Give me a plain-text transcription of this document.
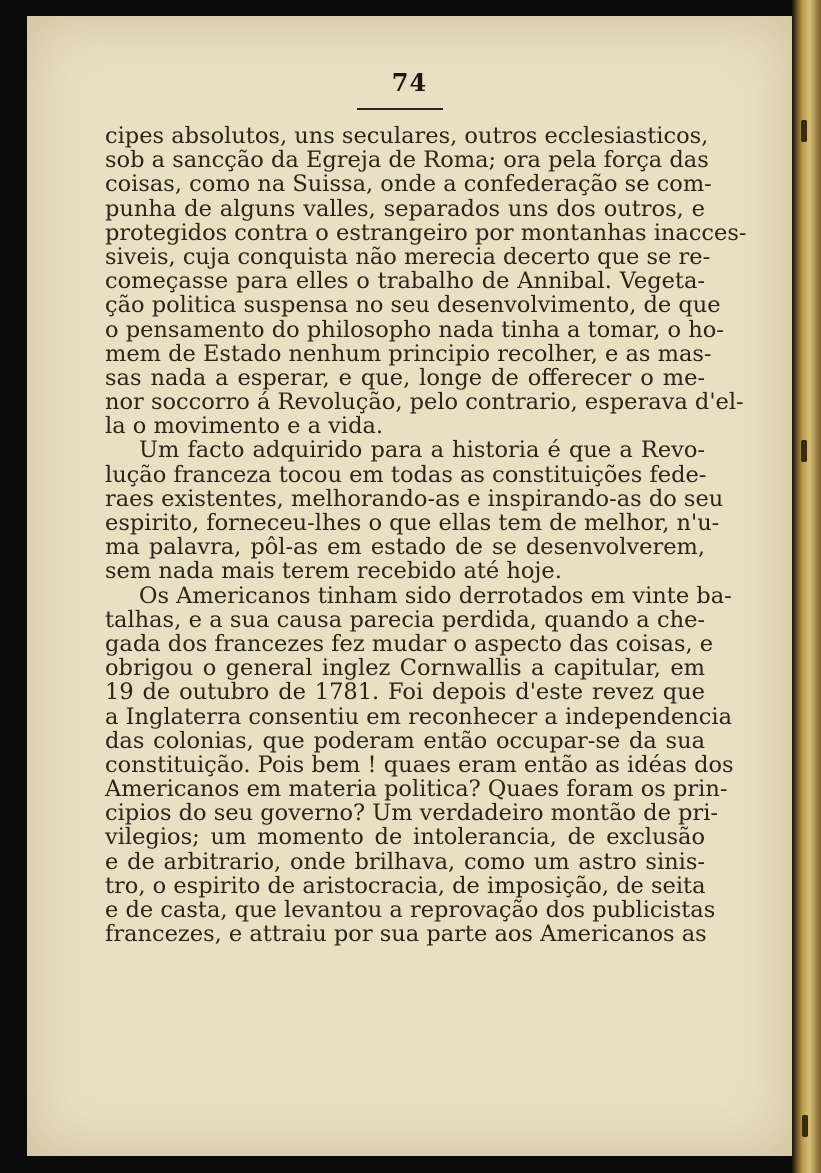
74
cipes absolutos, uns seculares, outros ecclesiasticos,
sob a sancção da Egreja de Roma; ora pela força das
coisas, como na Suissa, onde a confederação se com-
punha de alguns valles, separados uns dos outros, e
protegidos contra o estrangeiro por montanhas inacces-
siveis, cuja conquista não merecia decerto que se re-
começasse para elles o trabalho de Annibal. Vegeta-
ção politica suspensa no seu desenvolvimento, de que
o pensamento do philosopho nada tinha a tomar, o ho-
mem de Estado nenhum principio recolher, e as mas-
sas nada a esperar, e que, longe de offerecer o me-
nor soccorro á Revolução, pelo contrario, esperava d'el-
la o movimento e a vida.
Um facto adquirido para a historia é que a Revo-
lução franceza tocou em todas as constituições fede-
raes existentes, melhorando-as e inspirando-as do seu
espirito, forneceu-lhes o que ellas tem de melhor, n'u-
ma palavra, pôl-as em estado de se desenvolverem,
sem nada mais terem recebido até hoje.
Os Americanos tinham sido derrotados em vinte ba-
talhas, e a sua causa parecia perdida, quando a che-
gada dos francezes fez mudar o aspecto das coisas, e
obrigou o general inglez Cornwallis a capitular, em
19 de outubro de 1781. Foi depois d'este revez que
a Inglaterra consentiu em reconhecer a independencia
das colonias, que poderam então occupar-se da sua
constituição. Pois bem ! quaes eram então as idéas dos
Americanos em materia politica? Quaes foram os prin-
cipios do seu governo? Um verdadeiro montão de pri-
vilegios; um momento de intolerancia, de exclusão
e de arbitrario, onde brilhava, como um astro sinis-
tro, o espirito de aristocracia, de imposição, de seita
e de casta, que levantou a reprovação dos publicistas
francezes, e attraiu por sua parte aos Americanos as
